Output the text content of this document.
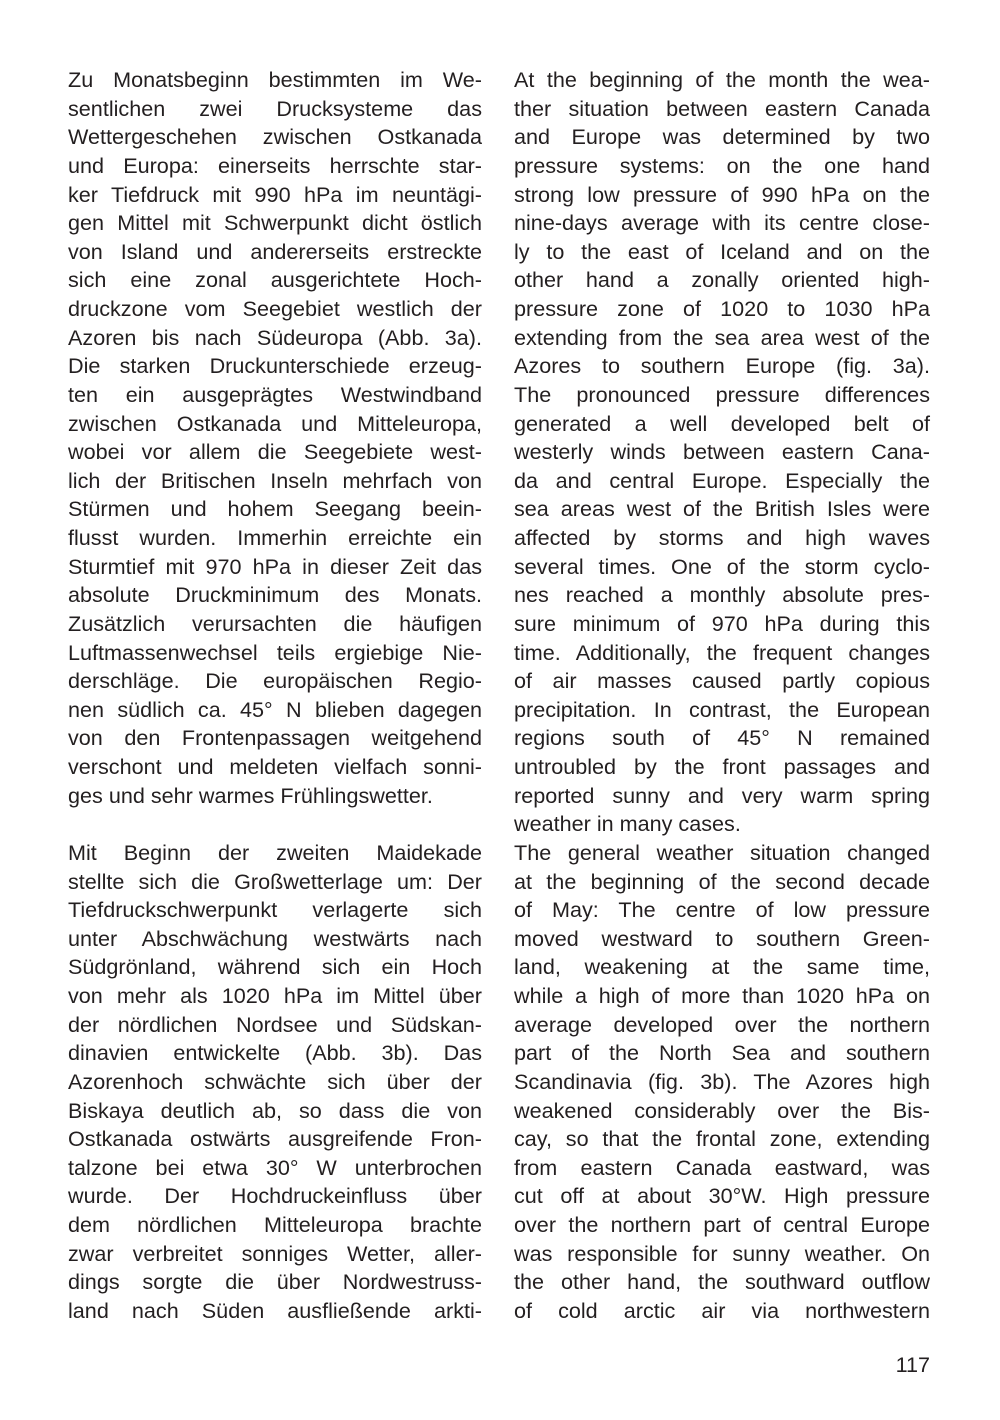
Zu Monatsbeginn bestimmten im We-
sentlichen zwei Drucksysteme das
Wettergeschehen zwischen Ostkanada
und Europa: einerseits herrschte star-
ker Tiefdruck mit 990 hPa im neuntägi-
gen Mittel mit Schwerpunkt dicht östlich
von Island und andererseits erstreckte
sich eine zonal ausgerichtete Hoch-
druckzone vom Seegebiet westlich der
Azoren bis nach Südeuropa (Abb. 3a).
Die starken Druckunterschiede erzeug-
ten ein ausgeprägtes Westwindband
zwischen Ostkanada und Mitteleuropa,
wobei vor allem die Seegebiete west-
lich der Britischen Inseln mehrfach von
Stürmen und hohem Seegang beein-
flusst wurden. Immerhin erreichte ein
Sturmtief mit 970 hPa in dieser Zeit das
absolute Druckminimum des Monats.
Zusätzlich verursachten die häufigen
Luftmassenwechsel teils ergiebige Nie-
derschläge. Die europäischen Regio-
nen südlich ca. 45° N blieben dagegen
von den Frontenpassagen weitgehend
verschont und meldeten vielfach sonni-
ges und sehr warmes Frühlingswetter.
Mit Beginn der zweiten Maidekade
stellte sich die Großwetterlage um: Der
Tiefdruckschwerpunkt verlagerte sich
unter Abschwächung westwärts nach
Südgrönland, während sich ein Hoch
von mehr als 1020 hPa im Mittel über
der nördlichen Nordsee und Südskan-
dinavien entwickelte (Abb. 3b). Das
Azorenhoch schwächte sich über der
Biskaya deutlich ab, so dass die von
Ostkanada ostwärts ausgreifende Fron-
talzone bei etwa 30° W unterbrochen
wurde. Der Hochdruckeinfluss über
dem nördlichen Mitteleuropa brachte
zwar verbreitet sonniges Wetter, aller-
dings sorgte die über Nordwestruss-
land nach Süden ausfließende arkti-
At the beginning of the month the wea-
ther situation between eastern Canada
and Europe was determined by two
pressure systems: on the one hand
strong low pressure of 990 hPa on the
nine-days average with its centre close-
ly to the east of Iceland and on the
other hand a zonally oriented high-
pressure zone of 1020 to 1030 hPa
extending from the sea area west of the
Azores to southern Europe (fig. 3a).
The pronounced pressure differences
generated a well developed belt of
westerly winds between eastern Cana-
da and central Europe. Especially the
sea areas west of the British Isles were
affected by storms and high waves
several times. One of the storm cyclo-
nes reached a monthly absolute pres-
sure minimum of 970 hPa during this
time. Additionally, the frequent changes
of air masses caused partly copious
precipitation. In contrast, the European
regions south of 45° N remained
untroubled by the front passages and
reported sunny and very warm spring
weather in many cases.
The general weather situation changed
at the beginning of the second decade
of May: The centre of low pressure
moved westward to southern Green-
land, weakening at the same time,
while a high of more than 1020 hPa on
average developed over the northern
part of the North Sea and southern
Scandinavia (fig. 3b). The Azores high
weakened considerably over the Bis-
cay, so that the frontal zone, extending
from eastern Canada eastward, was
cut off at about 30°W. High pressure
over the northern part of central Europe
was responsible for sunny weather. On
the other hand, the southward outflow
of cold arctic air via northwestern
117
